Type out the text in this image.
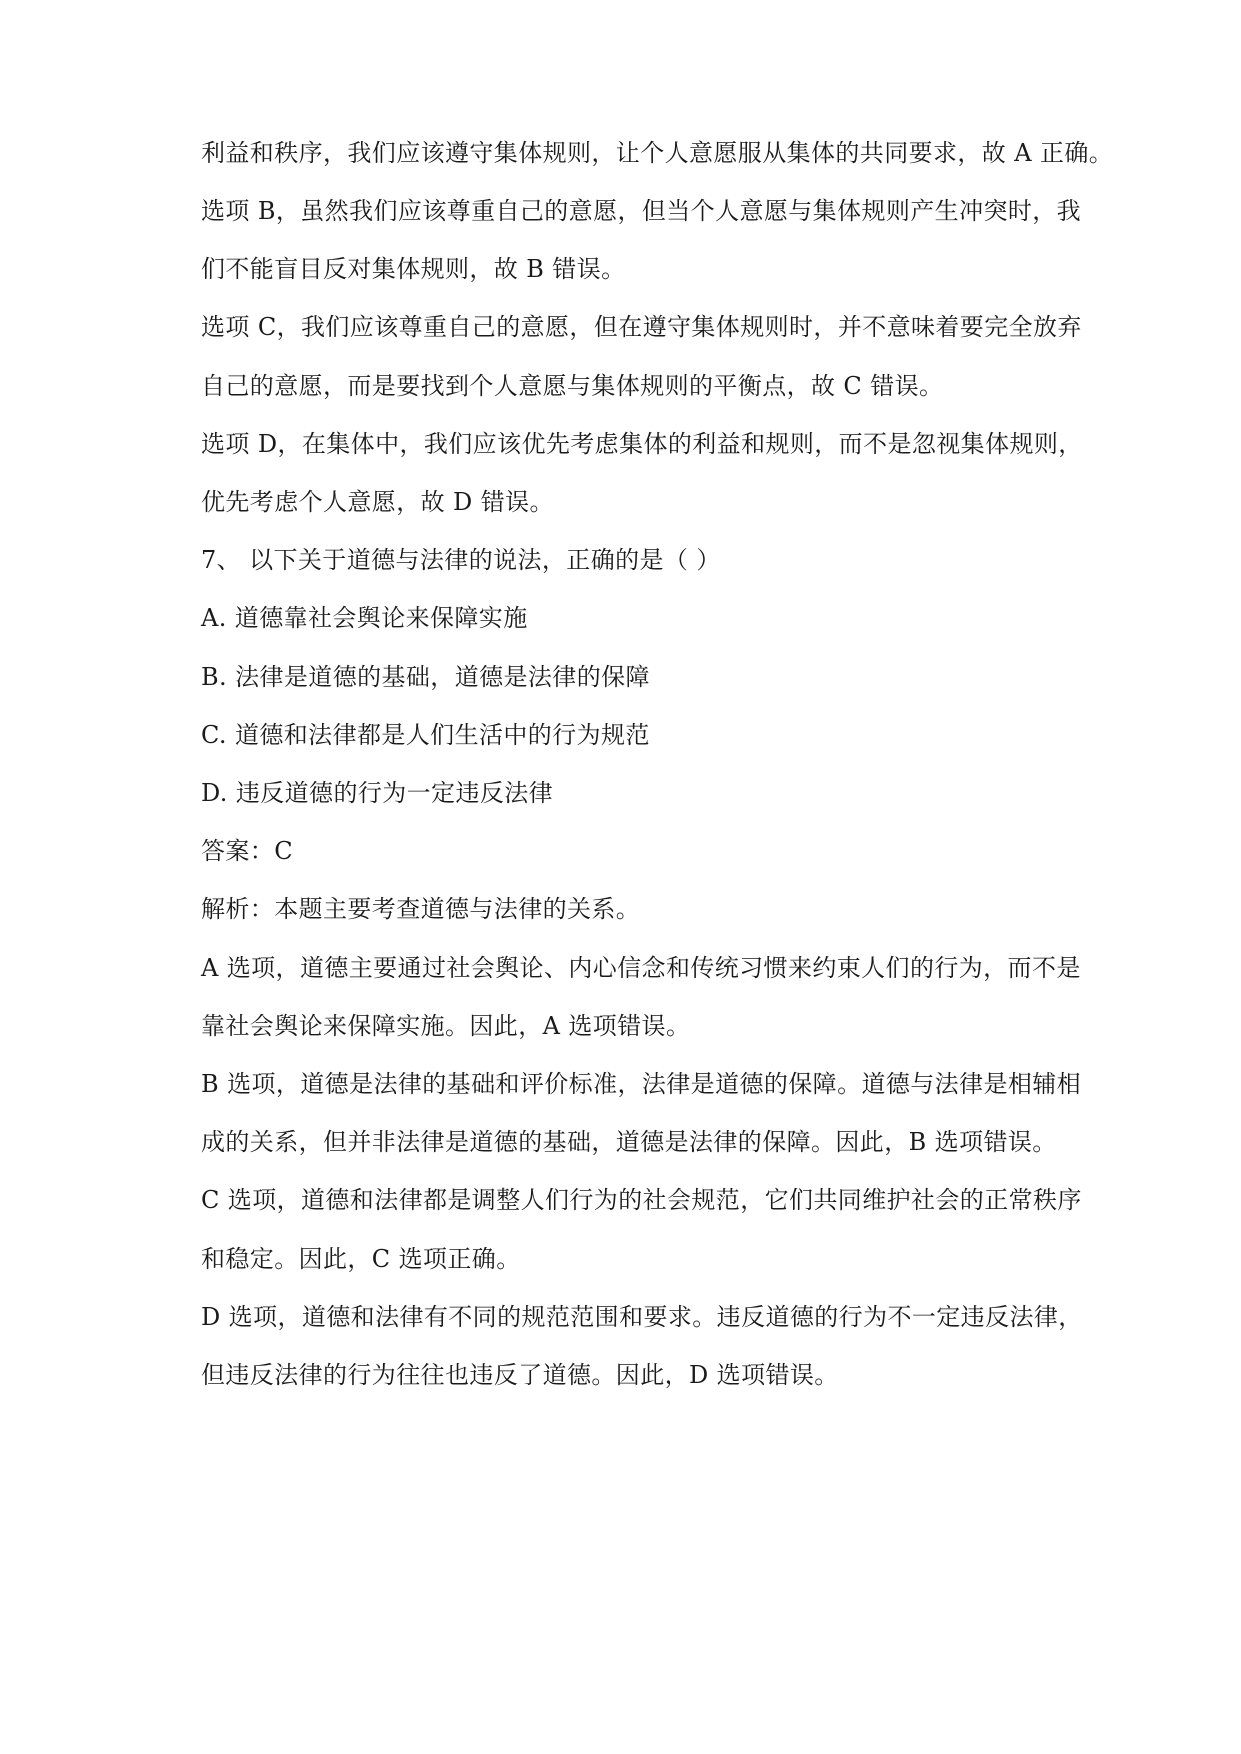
利益和秩序，我们应该遵守集体规则，让个人意愿服从集体的共同要求，故 A 正确。
选项 B，虽然我们应该尊重自己的意愿，但当个人意愿与集体规则产生冲突时，我
们不能盲目反对集体规则，故 B 错误。
选项 C，我们应该尊重自己的意愿，但在遵守集体规则时，并不意味着要完全放弃
自己的意愿，而是要找到个人意愿与集体规则的平衡点，故 C 错误。
选项 D，在集体中，我们应该优先考虑集体的利益和规则，而不是忽视集体规则，
优先考虑个人意愿，故 D 错误。
7、 以下关于道德与法律的说法，正确的是（ ）
A. 道德靠社会舆论来保障实施
B. 法律是道德的基础，道德是法律的保障
C. 道德和法律都是人们生活中的行为规范
D. 违反道德的行为一定违反法律
答案：C
解析：本题主要考查道德与法律的关系。
A 选项，道德主要通过社会舆论、内心信念和传统习惯来约束人们的行为，而不是
靠社会舆论来保障实施。因此，A 选项错误。
B 选项，道德是法律的基础和评价标准，法律是道德的保障。道德与法律是相辅相
成的关系，但并非法律是道德的基础，道德是法律的保障。因此，B 选项错误。
C 选项，道德和法律都是调整人们行为的社会规范，它们共同维护社会的正常秩序
和稳定。因此，C 选项正确。
D 选项，道德和法律有不同的规范范围和要求。违反道德的行为不一定违反法律，
但违反法律的行为往往也违反了道德。因此，D 选项错误。
